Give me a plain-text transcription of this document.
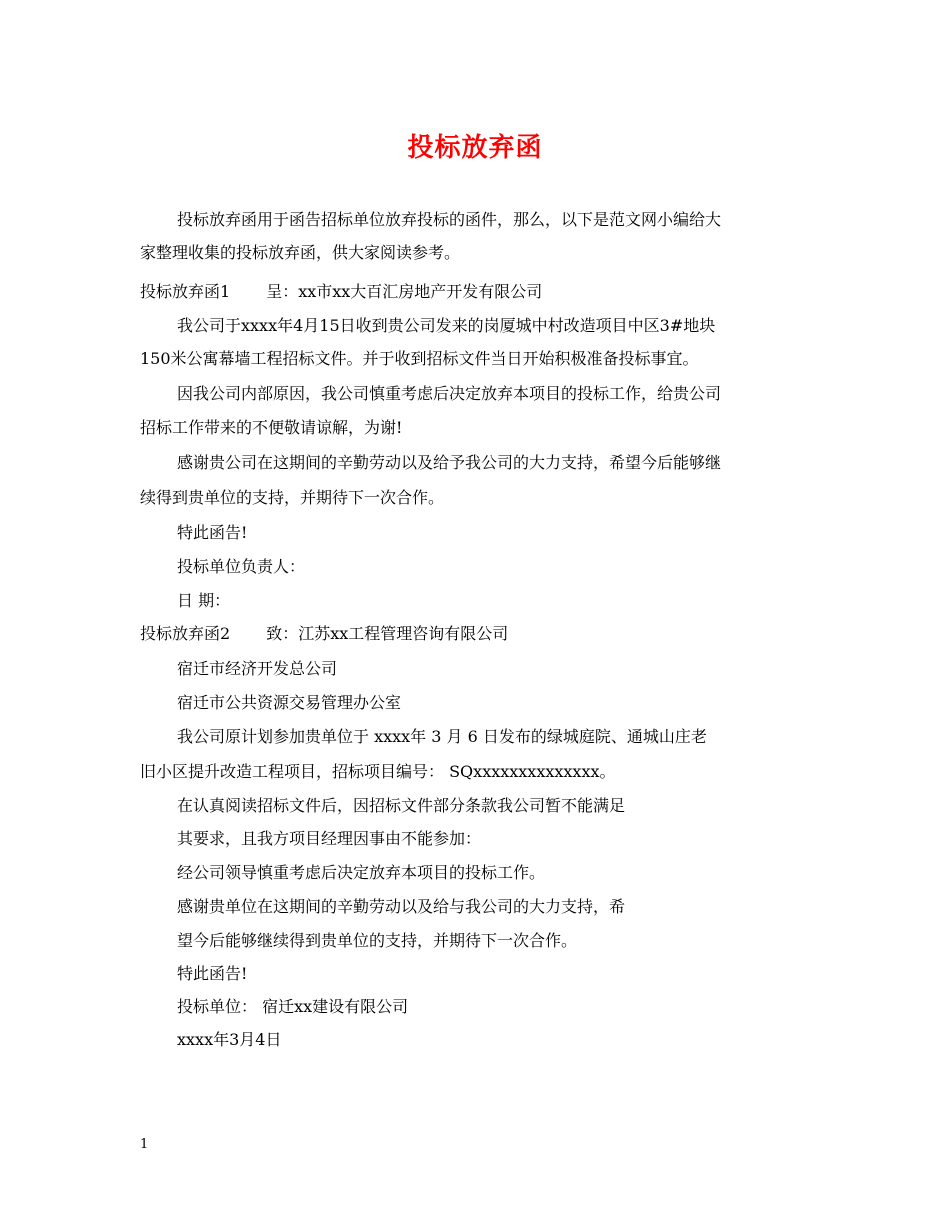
投标放弃函
投标放弃函用于函告招标单位放弃投标的函件，那么，以下是范文网小编给大
家整理收集的投标放弃函，供大家阅读参考。
投标放弃函1 呈：xx市xx大百汇房地产开发有限公司
我公司于xxxx年4月15日收到贵公司发来的岗厦城中村改造项目中区3#地块
150米公寓幕墙工程招标文件。并于收到招标文件当日开始积极准备投标事宜。
因我公司内部原因，我公司慎重考虑后决定放弃本项目的投标工作，给贵公司
招标工作带来的不便敬请谅解，为谢!
感谢贵公司在这期间的辛勤劳动以及给予我公司的大力支持，希望今后能够继
续得到贵单位的支持，并期待下一次合作。
特此函告!
投标单位负责人：
日 期：
投标放弃函2 致：江苏xx工程管理咨询有限公司
宿迁市经济开发总公司
宿迁市公共资源交易管理办公室
我公司原计划参加贵单位于 xxxx年 3 月 6 日发布的绿城庭院、通城山庄老
旧小区提升改造工程项目，招标项目编号： SQxxxxxxxxxxxxxx。
在认真阅读招标文件后，因招标文件部分条款我公司暂不能满足
其要求，且我方项目经理因事由不能参加：
经公司领导慎重考虑后决定放弃本项目的投标工作。
感谢贵单位在这期间的辛勤劳动以及给与我公司的大力支持，希
望今后能够继续得到贵单位的支持，并期待下一次合作。
特此函告!
投标单位： 宿迁xx建设有限公司
xxxx年3月4日
1
